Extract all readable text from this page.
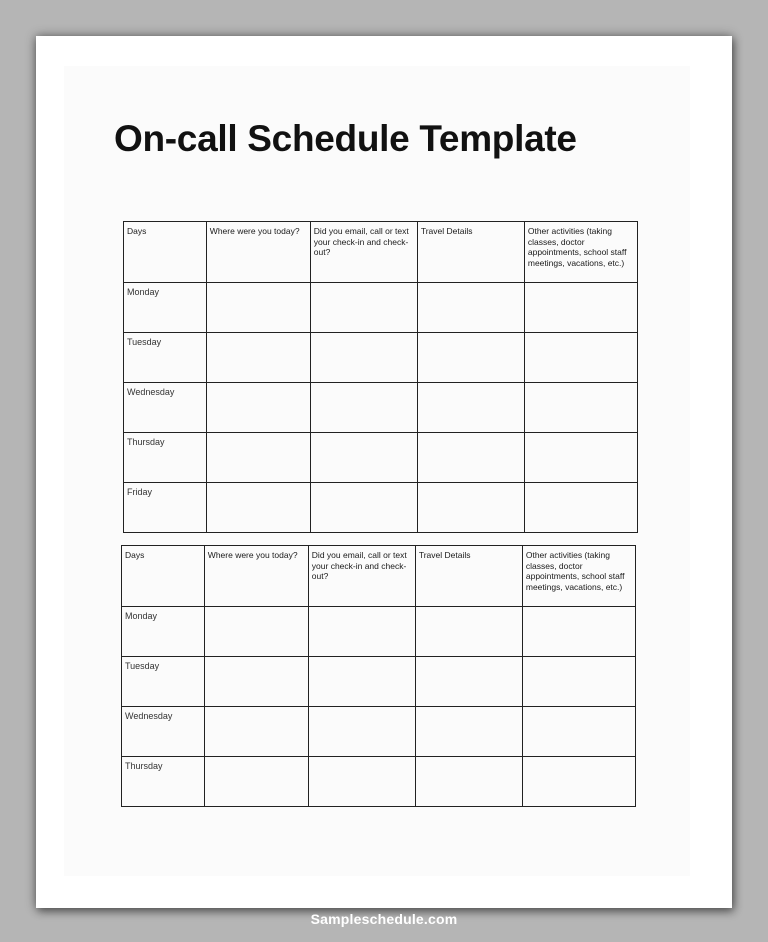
On-call Schedule Template
Days	Where were you today?	Did you email, call or text your check-in and check-out?	Travel Details	Other activities (taking classes, doctor appointments, school staff meetings, vacations, etc.)
Monday				
Tuesday				
Wednesday				
Thursday				
Friday				
Days	Where were you today?	Did you email, call or text your check-in and check-out?	Travel Details	Other activities (taking classes, doctor appointments, school staff meetings, vacations, etc.)
Monday				
Tuesday				
Wednesday				
Thursday				
Sampleschedule.com
